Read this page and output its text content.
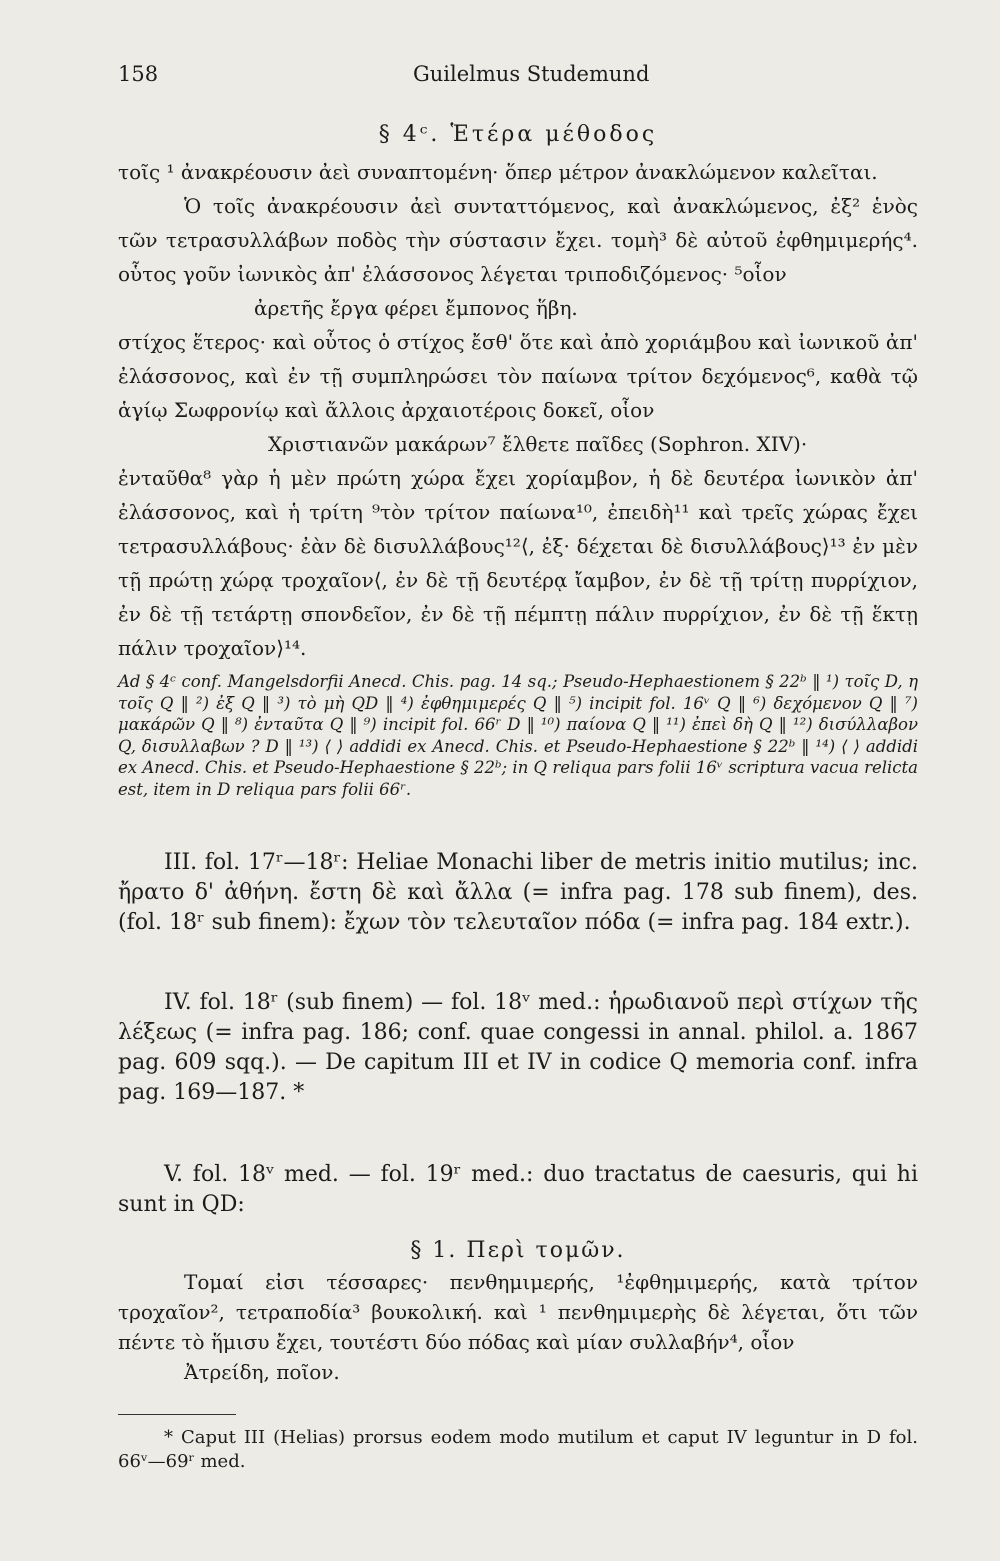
158	Guilelmus Studemund
§ 4ᶜ. Ἑτέρα μέθοδος

τοῖς ¹ ἀνακρέουσιν ἀεὶ συναπτομένη· ὅπερ μέτρον ἀνακλώμενον καλεῖται.

Ὁ τοῖς ἀνακρέουσιν ἀεὶ συνταττόμενος, καὶ ἀνακλώμενος, ἐξ² ἑνὸς τῶν τετρασυλλάβων ποδὸς τὴν σύστασιν ἔχει. τομὴ³ δὲ αὐτοῦ ἐφθημιμερής⁴. οὗτος γοῦν ἰωνικὸς ἀπ' ἐλάσσονος λέγεται τριποδιζόμενος· ⁵οἷον

ἀρετῆς ἔργα φέρει ἔμπονος ἥβη.

στίχος ἕτερος· καὶ οὗτος ὁ στίχος ἔσθ' ὅτε καὶ ἀπὸ χοριάμβου καὶ ἰωνικοῦ ἀπ' ἐλάσσονος, καὶ ἐν τῇ συμπληρώσει τὸν παίωνα τρίτον δεχόμενος⁶, καθὰ τῷ ἁγίῳ Σωφρονίῳ καὶ ἄλλοις ἀρχαιοτέροις δοκεῖ, οἷον

Χριστιανῶν μακάρων⁷ ἔλθετε παῖδες (Sophron. XIV)·

ἐνταῦθα⁸ γὰρ ἡ μὲν πρώτη χώρα ἔχει χορίαμβον, ἡ δὲ δευτέρα ἰωνικὸν ἀπ' ἐλάσσονος, καὶ ἡ τρίτη ⁹τὸν τρίτον παίωνα¹⁰, ἐπειδὴ¹¹ καὶ τρεῖς χώρας ἔχει τετρασυλλάβους· ἐὰν δὲ δισυλλάβους¹²⟨, ἐξ· δέχεται δὲ δισυλλάβους⟩¹³ ἐν μὲν τῇ πρώτῃ χώρᾳ τροχαῖον⟨, ἐν δὲ τῇ δευτέρᾳ ἴαμβον, ἐν δὲ τῇ τρίτῃ πυρρίχιον, ἐν δὲ τῇ τετάρτῃ σπονδεῖον, ἐν δὲ τῇ πέμπτῃ πάλιν πυρρίχιον, ἐν δὲ τῇ ἕκτῃ πάλιν τροχαῖον⟩¹⁴.

Ad § 4ᶜ conf. Mangelsdorfii Anecd. Chis. pag. 14 sq.; Pseudo-Hephaestionem § 22ᵇ ‖ ¹) τοῖς D, η τοῖς Q ‖ ²) ἐξ Q ‖ ³) τὸ μὴ QD ‖ ⁴) ἐφθημιμερές Q ‖ ⁵) incipit fol. 16ᵛ Q ‖ ⁶) δεχόμενον Q ‖ ⁷) μακάρῶν Q ‖ ⁸) ἐνταῦτα Q ‖ ⁹) incipit fol. 66ʳ D ‖ ¹⁰) παίονα Q ‖ ¹¹) ἐπεὶ δὴ Q ‖ ¹²) δισύλλαβον Q, δισυλλαβων ? D ‖ ¹³) ⟨ ⟩ addidi ex Anecd. Chis. et Pseudo-Hephaestione § 22ᵇ ‖ ¹⁴) ⟨ ⟩ addidi ex Anecd. Chis. et Pseudo-Hephaestione § 22ᵇ; in Q reliqua pars folii 16ᵛ scriptura vacua relicta est, item in D reliqua pars folii 66ʳ.

III. fol. 17ʳ—18ʳ: Heliae Monachi liber de metris initio mutilus; inc. ἤρατο δ' ἀθήνη. ἔστη δὲ καὶ ἄλλα (= infra pag. 178 sub finem), des. (fol. 18ʳ sub finem): ἔχων τὸν τελευταῖον πόδα (= infra pag. 184 extr.).

IV. fol. 18ʳ (sub finem) — fol. 18ᵛ med.: ἡρωδιανοῦ περὶ στίχων τῆς λέξεως (= infra pag. 186; conf. quae congessi in annal. philol. a. 1867 pag. 609 sqq.). — De capitum III et IV in codice Q memoria conf. infra pag. 169—187. *

V. fol. 18ᵛ med. — fol. 19ʳ med.: duo tractatus de caesuris, qui hi sunt in QD:

§ 1. Περὶ τομῶν.

Τομαί εἰσι τέσσαρες· πενθημιμερής, ¹ἐφθημιμερής, κατὰ τρίτον τροχαῖον², τετραποδία³ βουκολική. καὶ ¹ πενθημιμερὴς δὲ λέγεται, ὅτι τῶν πέντε τὸ ἥμισυ ἔχει, τουτέστι δύο πόδας καὶ μίαν συλλαβήν⁴, οἷον

Ἀτρείδη, ποῖον.

* Caput III (Helias) prorsus eodem modo mutilum et caput IV leguntur in D fol. 66ᵛ—69ʳ med.
